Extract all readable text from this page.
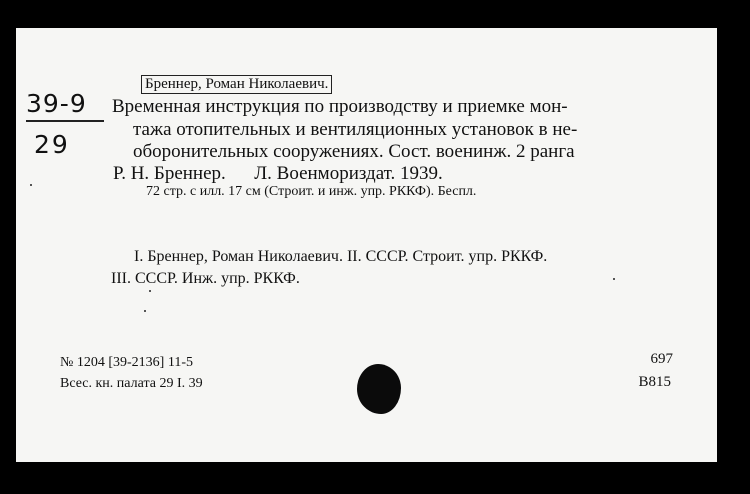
Бреннер, Роман Николаевич.
39-9
29
Временная инструкция по производству и приемке мон-
тажа отопительных и вентиляционных установок в не-
оборонительных сооружениях. Сост. военинж. 2 ранга
Р. Н. Бреннер.      Л. Военмориздат. 1939.
72 стр. с илл. 17 см (Строит. и инж. упр. РККФ). Беспл.
I. Бреннер, Роман Николаевич. II. СССР. Строит. упр. РККФ.
III. СССР. Инж. упр. РККФ.
№ 1204 [39-2136] 11-5
Всес. кн. палата 29 I. 39
697
В815
